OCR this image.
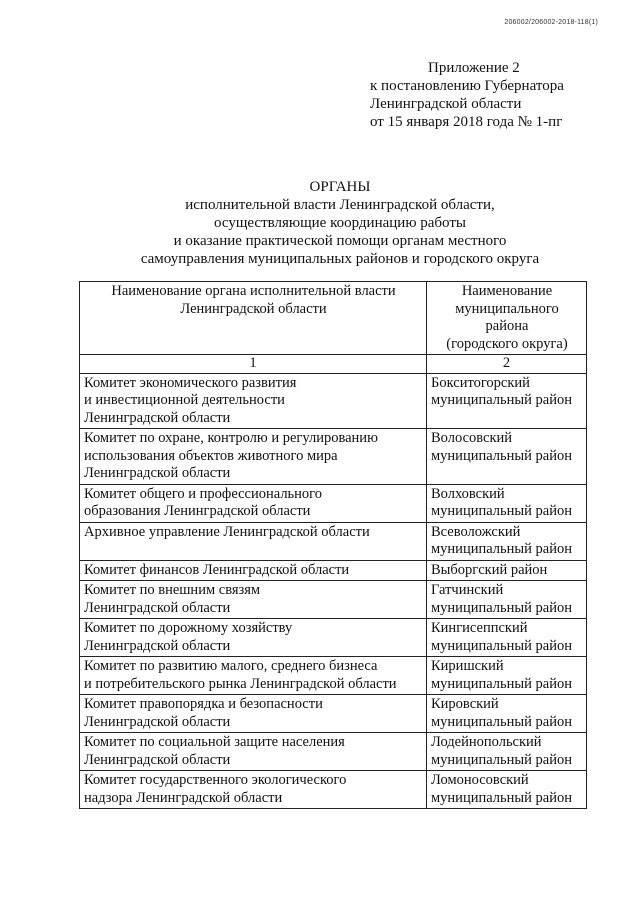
206002/206002-2018-118(1)
Приложение 2
к постановлению Губернатора
Ленинградской области
от 15 января 2018 года № 1-пг
ОРГАНЫ
исполнительной власти Ленинградской области,
осуществляющие координацию работы
и оказание практической помощи органам местного
самоуправления муниципальных районов и городского округа
Наименование органа исполнительной власти
Ленинградской области	Наименование
муниципального
района
(городского округа)

1	2

Комитет экономического развития
и инвестиционной деятельности
Ленинградской области	Бокситогорский
муниципальный район

Комитет по охране, контролю и регулированию
использования объектов животного мира
Ленинградской области	Волосовский
муниципальный район

Комитет общего и профессионального
образования Ленинградской области	Волховский
муниципальный район

Архивное управление Ленинградской области	Всеволожский
муниципальный район

Комитет финансов Ленинградской области	Выборгский район

Комитет по внешним связям
Ленинградской области	Гатчинский
муниципальный район

Комитет по дорожному хозяйству
Ленинградской области	Кингисеппский
муниципальный район

Комитет по развитию малого, среднего бизнеса
и потребительского рынка Ленинградской области	Киришский
муниципальный район

Комитет правопорядка и безопасности
Ленинградской области	Кировский
муниципальный район

Комитет по социальной защите населения
Ленинградской области	Лодейнопольский
муниципальный район

Комитет государственного экологического
надзора Ленинградской области	Ломоносовский
муниципальный район
